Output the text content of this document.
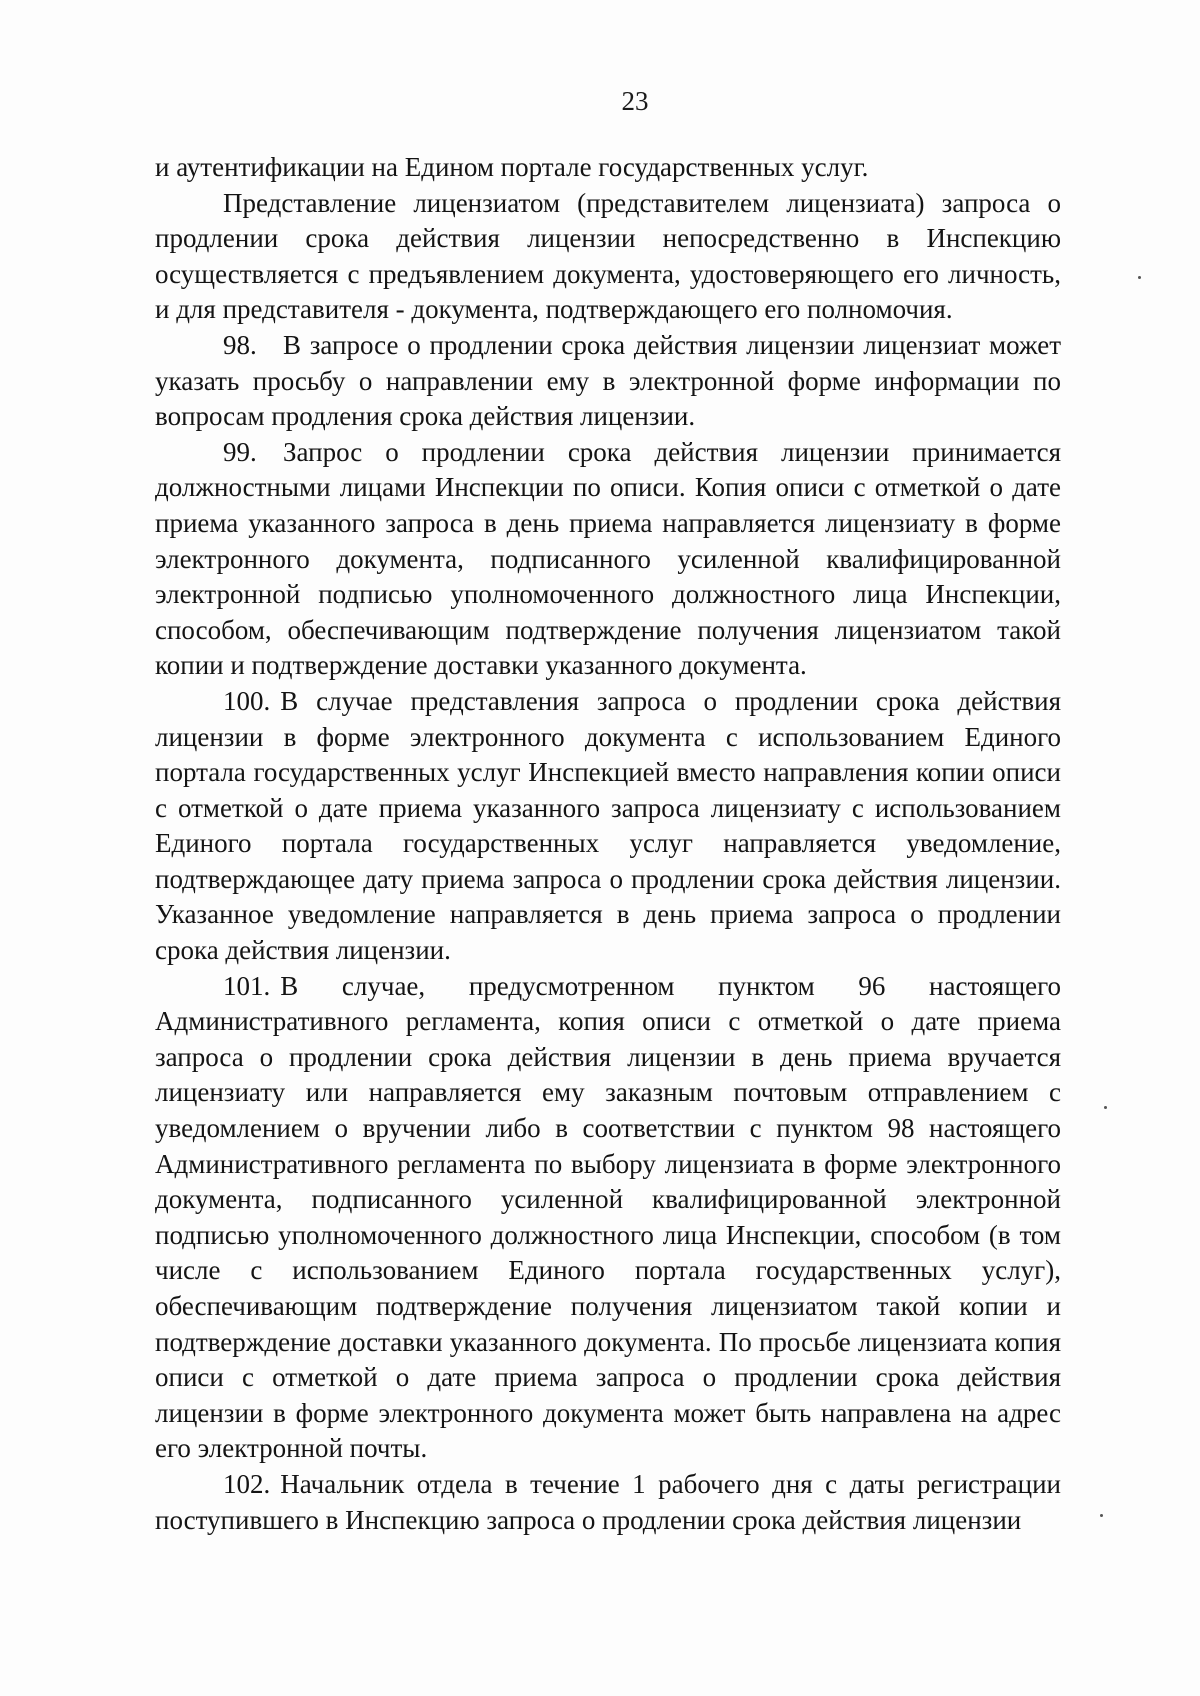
23

и аутентификации на Едином портале государственных услуг.

Представление лицензиатом (представителем лицензиата) запроса о продлении срока действия лицензии непосредственно в Инспекцию осуществляется с предъявлением документа, удостоверяющего его личность, и для представителя - документа, подтверждающего его полномочия.

98. В запросе о продлении срока действия лицензии лицензиат может указать просьбу о направлении ему в электронной форме информации по вопросам продления срока действия лицензии.

99. Запрос о продлении срока действия лицензии принимается должностными лицами Инспекции по описи. Копия описи с отметкой о дате приема указанного запроса в день приема направляется лицензиату в форме электронного документа, подписанного усиленной квалифицированной электронной подписью уполномоченного должностного лица Инспекции, способом, обеспечивающим подтверждение получения лицензиатом такой копии и подтверждение доставки указанного документа.

100. В случае представления запроса о продлении срока действия лицензии в форме электронного документа с использованием Единого портала государственных услуг Инспекцией вместо направления копии описи с отметкой о дате приема указанного запроса лицензиату с использованием Единого портала государственных услуг направляется уведомление, подтверждающее дату приема запроса о продлении срока действия лицензии. Указанное уведомление направляется в день приема запроса о продлении срока действия лицензии.

101. В случае, предусмотренном пунктом 96 настоящего Административного регламента, копия описи с отметкой о дате приема запроса о продлении срока действия лицензии в день приема вручается лицензиату или направляется ему заказным почтовым отправлением с уведомлением о вручении либо в соответствии с пунктом 98 настоящего Административного регламента по выбору лицензиата в форме электронного документа, подписанного усиленной квалифицированной электронной подписью уполномоченного должностного лица Инспекции, способом (в том числе с использованием Единого портала государственных услуг), обеспечивающим подтверждение получения лицензиатом такой копии и подтверждение доставки указанного документа. По просьбе лицензиата копия описи с отметкой о дате приема запроса о продлении срока действия лицензии в форме электронного документа может быть направлена на адрес его электронной почты.

102. Начальник отдела в течение 1 рабочего дня с даты регистрации поступившего в Инспекцию запроса о продлении срока действия лицензии
